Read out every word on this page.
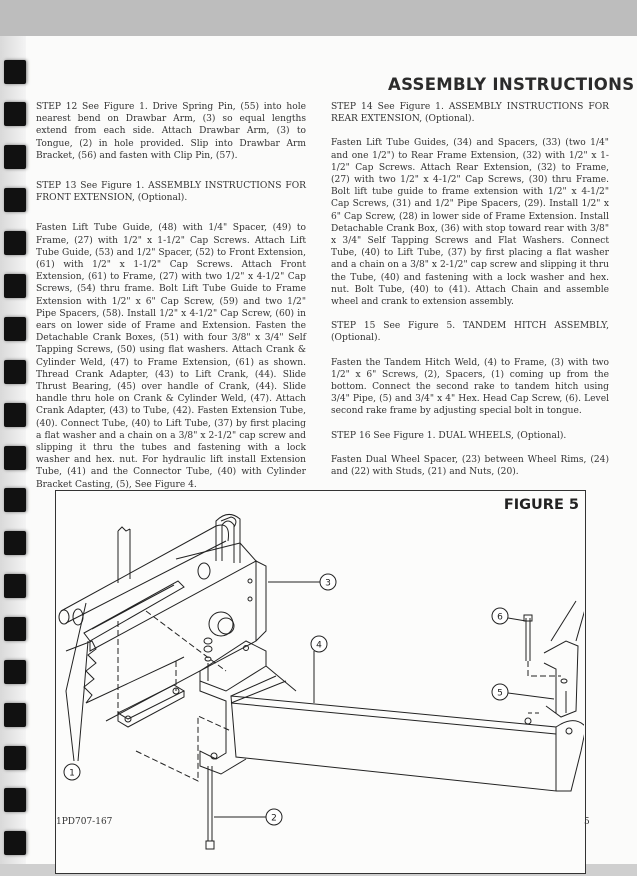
ASSEMBLY INSTRUCTIONS

STEP 12 See Figure 1. Drive Spring Pin, (55) into hole nearest bend on Drawbar Arm, (3) so equal lengths extend from each side. Attach Drawbar Arm, (3) to Tongue, (2) in hole provided. Slip into Drawbar Arm Bracket, (56) and fasten with Clip Pin, (57).

STEP 13 See Figure 1. ASSEMBLY INSTRUCTIONS FOR FRONT EXTENSION, (Optional).

Fasten Lift Tube Guide, (48) with 1/4" Spacer, (49) to Frame, (27) with 1/2" x 1-1/2" Cap Screws. Attach Lift Tube Guide, (53) and 1/2" Spacer, (52) to Front Extension, (61) with 1/2" x 1-1/2" Cap Screws. Attach Front Extension, (61) to Frame, (27) with two 1/2" x 4-1/2" Cap Screws, (54) thru frame. Bolt Lift Tube Guide to Frame Extension with 1/2" x 6" Cap Screw, (59) and two 1/2" Pipe Spacers, (58). Install 1/2" x 4-1/2" Cap Screw, (60) in ears on lower side of Frame and Extension. Fasten the Detachable Crank Boxes, (51) with four 3/8" x 3/4" Self Tapping Screws, (50) using flat washers. Attach Crank & Cylinder Weld, (47) to Frame Extension, (61) as shown. Thread Crank Adapter, (43) to Lift Crank, (44). Slide Thrust Bearing, (45) over handle of Crank, (44). Slide handle thru hole on Crank & Cylinder Weld, (47). Attach Crank Adapter, (43) to Tube, (42). Fasten Extension Tube, (40). Connect Tube, (40) to Lift Tube, (37) by first placing a flat washer and a chain on a 3/8" x 2-1/2" cap screw and slipping it thru the tubes and fastening with a lock washer and hex. nut. For hydraulic lift install Extension Tube, (41) and the Connector Tube, (40) with Cylinder Bracket Casting, (5), See Figure 4.

STEP 14 See Figure 1. ASSEMBLY INSTRUCTIONS FOR REAR EXTENSION, (Optional).

Fasten Lift Tube Guides, (34) and Spacers, (33) (two 1/4" and one 1/2") to Rear Frame Extension, (32) with 1/2" x 1-1/2" Cap Screws. Attach Rear Extension, (32) to Frame, (27) with two 1/2" x 4-1/2" Cap Screws, (30) thru Frame. Bolt lift tube guide to frame extension with 1/2" x 4-1/2" Cap Screws, (31) and 1/2" Pipe Spacers, (29). Install 1/2" x 6" Cap Screw, (28) in lower side of Frame Extension. Install Detachable Crank Box, (36) with stop toward rear with 3/8" x 3/4" Self Tapping Screws and Flat Washers. Connect Tube, (40) to Lift Tube, (37) by first placing a flat washer and a chain on a 3/8" x 2-1/2" cap screw and slipping it thru the Tube, (40) and fastening with a lock washer and hex. nut. Bolt Tube, (40) to (41). Attach Chain and assemble wheel and crank to extension assembly.

STEP 15 See Figure 5. TANDEM HITCH ASSEMBLY, (Optional).

Fasten the Tandem Hitch Weld, (4) to Frame, (3) with two 1/2" x 6" Screws, (2), Spacers, (1) coming up from the bottom. Connect the second rake to tandem hitch using 3/4" Pipe, (5) and 3/4" x 4" Hex. Head Cap Screw, (6). Level second rake frame by adjusting special bolt in tongue.

STEP 16 See Figure 1. DUAL WHEELS, (Optional).

Fasten Dual Wheel Spacer, (23) between Wheel Rims, (24) and (22) with Studs, (21) and Nuts, (20).

FIGURE 5
3
4
1
2
5
6
1PD707-167	5
